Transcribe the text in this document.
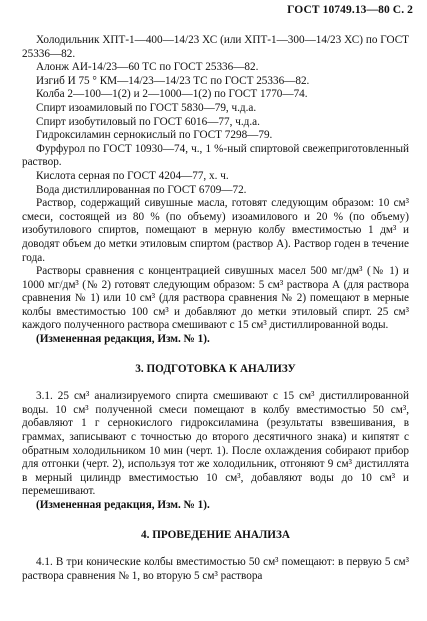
ГОСТ 10749.13—80 С. 2

Холодильник ХПТ-1—400—14/23 ХС (или ХПТ-1—300—14/23 ХС) по ГОСТ 25336—82.

Алонж АИ-14/23—60 ТС по ГОСТ 25336—82.

Изгиб И 75 ° КМ—14/23—14/23 ТС по ГОСТ 25336—82.

Колба 2—100—1(2) и 2—1000—1(2) по ГОСТ 1770—74.

Спирт изоамиловый по ГОСТ 5830—79, ч.д.а.

Спирт изобутиловый по ГОСТ 6016—77, ч.д.а.

Гидроксиламин сернокислый по ГОСТ 7298—79.

Фурфурол по ГОСТ 10930—74, ч., 1 %-ный спиртовой свежеприготовленный раствор.

Кислота серная по ГОСТ 4204—77, х. ч.

Вода дистиллированная по ГОСТ 6709—72.

Раствор, содержащий сивушные масла, готовят следующим образом: 10 см³ смеси, состоящей из 80 % (по объему) изоамилового и 20 % (по объему) изобутилового спиртов, помещают в мерную колбу вместимостью 1 дм³ и доводят объем до метки этиловым спиртом (раствор А). Раствор годен в течение года.

Растворы сравнения с концентрацией сивушных масел 500 мг/дм³ (№ 1) и 1000 мг/дм³ (№ 2) готовят следующим образом: 5 см³ раствора А (для раствора сравнения № 1) или 10 см³ (для раствора сравнения № 2) помещают в мерные колбы вместимостью 100 см³ и добавляют до метки этиловый спирт. 25 см³ каждого полученного раствора смешивают с 15 см³ дистиллированной воды.

(Измененная редакция, Изм. № 1).

3. ПОДГОТОВКА К АНАЛИЗУ

3.1. 25 см³ анализируемого спирта смешивают с 15 см³ дистиллированной воды. 10 см³ полученной смеси помещают в колбу вместимостью 50 см³, добавляют 1 г сернокислого гидроксиламина (результаты взвешивания, в граммах, записывают с точностью до второго десятичного знака) и кипятят с обратным холодильником 10 мин (черт. 1). После охлаждения собирают прибор для отгонки (черт. 2), используя тот же холодильник, отгоняют 9 см³ дистиллята в мерный цилиндр вместимостью 10 см³, добавляют воды до 10 см³ и перемешивают.

(Измененная редакция, Изм. № 1).

4. ПРОВЕДЕНИЕ АНАЛИЗА

4.1. В три конические колбы вместимостью 50 см³ помещают: в первую 5 см³ раствора сравнения № 1, во вторую 5 см³ раствора
